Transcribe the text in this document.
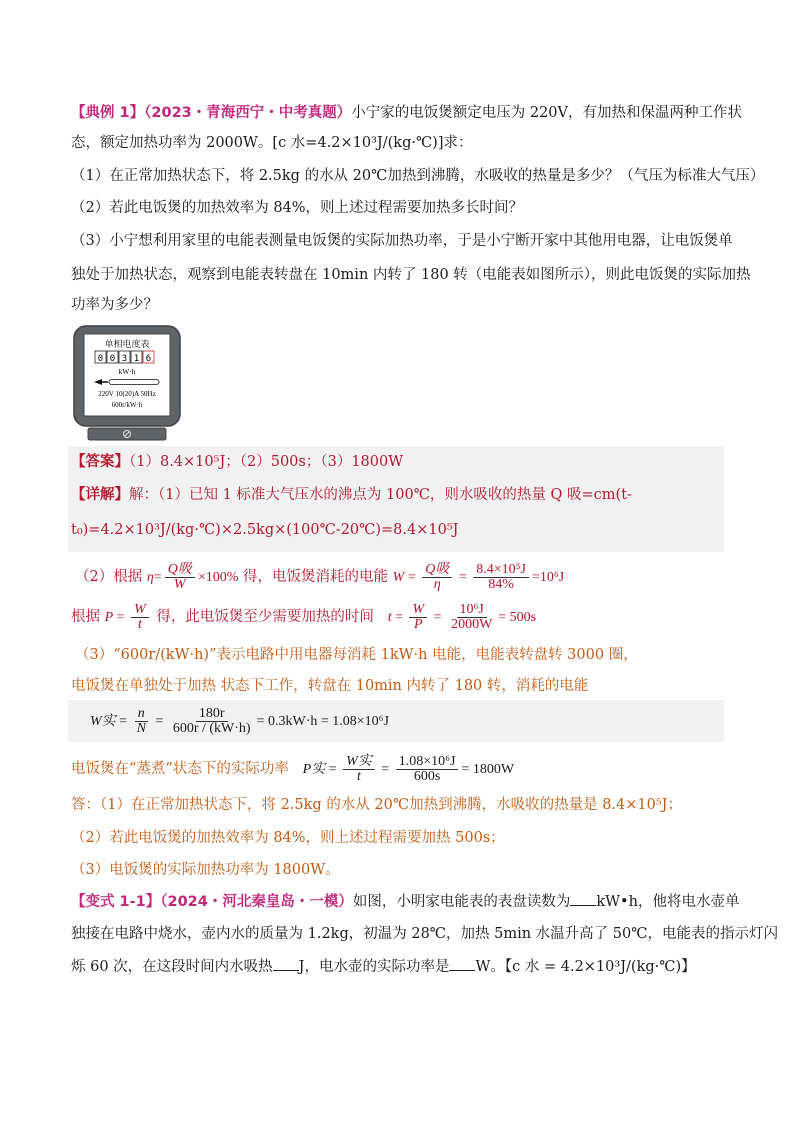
【典例 1】（2023・青海西宁・中考真题）小宁家的电饭煲额定电压为 220V，有加热和保温两种工作状
态，额定加热功率为 2000W。[c 水=4.2×10³J/(kg·℃)]求：
（1）在正常加热状态下，将 2.5kg 的水从 20℃加热到沸腾，水吸收的热量是多少？（气压为标准大气压）
（2）若此电饭煲的加热效率为 84%，则上述过程需要加热多长时间？
（3）小宁想利用家里的电能表测量电饭煲的实际加热功率，于是小宁断开家中其他用电器，让电饭煲单
独处于加热状态，观察到电能表转盘在 10min 内转了 180 转（电能表如图所示），则此电饭煲的实际加热
功率为多少？
单相电度表
0 0 3 1 6
kW·h
220V 10(20)A 50Hz
600r/kW·h
【答案】（1）8.4×10⁵J；（2）500s；（3）1800W
【详解】解：（1）已知 1 标准大气压水的沸点为 100℃，则水吸收的热量 Q 吸=cm(t-
t₀)=4.2×10³J/(kg·℃)×2.5kg×(100℃-20℃)=8.4×10⁵J
（2）根据 $\eta= \frac{\text{Q吸}}{W} \times 100\%$ 得，电饭煲消耗的电能 $W = \frac{\text{Q吸}}{\eta} = \frac{\text{8.4×10⁵J}}{84\%} =10^6J$
根据 $P = \frac{W}{t}$ 得，此电饭煲至少需要加热的时间 $t = \frac{W}{P} = \frac{\text{10⁶J}}{2000W} = 500s$
（3）“600r/(kW·h)”表示电路中用电器每消耗 1kW·h 电能，电能表转盘转 3000 圈，
电饭煲在单独处于加热 状态下工作，转盘在 10min 内转了 180 转，消耗的电能
W实 = $\frac{n}{N} = \frac{180r}{600r / (kW\cdot h)} = 0.3kW\cdot h = 1.08\times 10^6J$
电饭煲在“蒸煮”状态下的实际功率 P实 = $\frac{\text{W实}}{t} = \frac{\text{1.08×10⁶J}}{600s} = 1800W$
答：（1）在正常加热状态下，将 2.5kg 的水从 20℃加热到沸腾，水吸收的热量是 8.4×10⁵J；
（2）若此电饭煲的加热效率为 84%，则上述过程需要加热 500s；
（3）电饭煲的实际加热功率为 1800W。
【变式 1-1】（2024・河北秦皇岛・一模）如图，小明家电能表的表盘读数为 kW•h，他将电水壶单
独接在电路中烧水，壶内水的质量为 1.2kg，初温为 28℃，加热 5min 水温升高了 50℃，电能表的指示灯闪
烁 60 次，在这段时间内水吸热 J，电水壶的实际功率是 W。【c 水 = 4.2×10³J/(kg·℃)】
